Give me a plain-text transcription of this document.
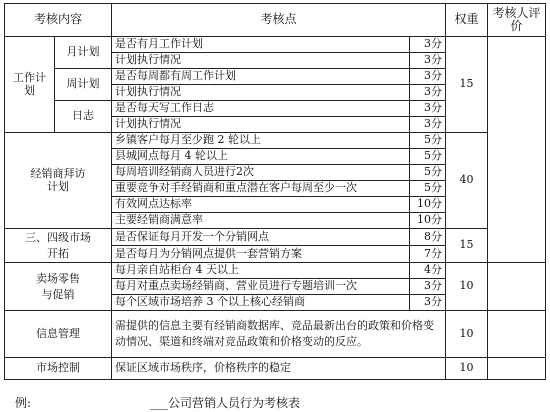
考核内容		考核点		权重	考核人评价
工作计划	月计划	是否有月工作计划	3分	15	
		计划执行情况	3分		
	周计划	是否每周都有周工作计划	3分		
		计划执行情况	3分		
	日志	是否每天写工作日志	3分		
		计划执行情况	3分		
经销商拜访计划		乡镇客户每月至少跑 2 轮以上	5分	40	
		县城网点每月 4 轮以上	5分		
		每周培训经销商人员进行2次	5分		
		重要竞争对手经销商和重点潜在客户每周至少一次	5分		
		有效网点达标率	10分		
		主要经销商满意率	10分		
三、四级市场开拓		是否保证每月开发一个分销网点	8分	15	
		是否每月为分销网点提供一套营销方案	7分		
卖场零售与促销		每月亲自站柜台 4 天以上	4分	10	
		每月对重点卖场经销商、营业员进行专题培训一次	3分		
		每个区域市场培养 3 个以上核心经销商	3分		
信息管理		需提供的信息主要有经销商数据库、竞品最新出台的政策和价格变动情况、渠道和终端对竞品政策和价格变动的反应。		10	
市场控制		保证区域市场秩序，价格秩序的稳定		10	
例:	___公司营销人员行为考核表
